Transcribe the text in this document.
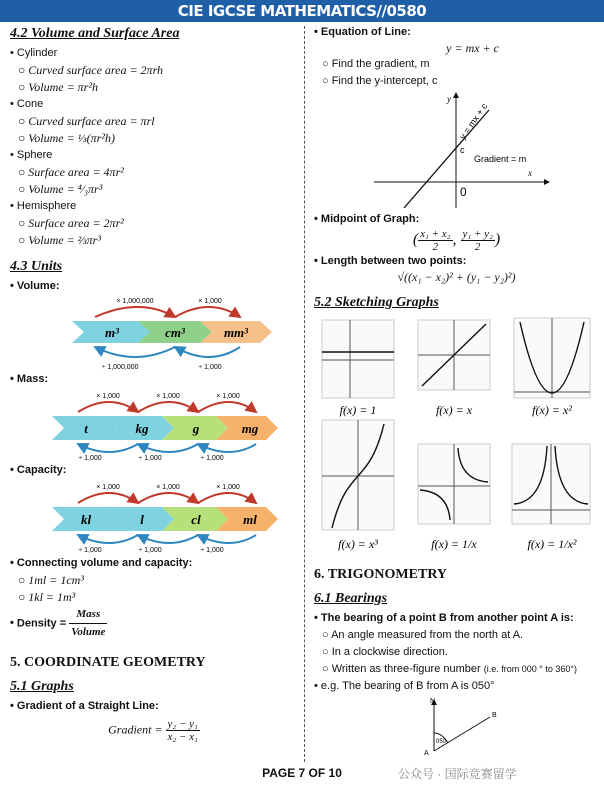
CIE IGCSE MATHEMATICS//0580
4.2 Volume and Surface Area
• Cylinder
○ Curved surface area = 2πrh
○ Volume = πr²h
• Cone
○ Curved surface area = πrl
○ Volume = ⅓(πr²h)
• Sphere
○ Surface area = 4πr²
○ Volume = ⁴⁄₃πr³
• Hemisphere
○ Surface area = 2πr²
○ Volume = ⅔πr³
4.3 Units
• Volume:
× 1,000,000	× 1,000
m³	cm³	mm³
÷ 1,000,000	÷ 1,000
• Mass:
× 1,000	× 1,000	× 1,000
t	kg	g	mg
÷ 1,000	÷ 1,000	÷ 1,000
• Capacity:
× 1,000	× 1,000	× 1,000
kl	l	cl	ml
÷ 1,000	÷ 1,000	÷ 1,000
• Connecting volume and capacity:
○ 1ml = 1cm³
○ 1kl = 1m³
• Density = $\frac{\text{Mass}}{\text{Volume}}$
5. COORDINATE GEOMETRY
5.1 Graphs
• Gradient of a Straight Line:
Gradient = $\frac{\text{y₂ − y₁}}{\text{x₂ − x₁}}$
• Equation of Line:
y = mx + c
○ Find the gradient, m
○ Find the y-intercept, c
y = mx + c
c
Gradient = m
x
y
0
• Midpoint of Graph:
( $\frac{\text{x₁ + x₂}}{2}$ , $\frac{\text{y₁ + y₂}}{2}$ )
• Length between two points:
√((x₁ − x₂)² + (y₁ − y₂)²)
5.2 Sketching Graphs
f(x) = 1	f(x) = x	f(x) = x²
f(x) = x³	f(x) = 1/x	f(x) = 1/x²
6. TRIGONOMETRY
6.1 Bearings
• The bearing of a point B from another point A is:
○ An angle measured from the north at A.
○ In a clockwise direction.
○ Written as three-figure number (i.e. from 000 ° to 360°)
• e.g. The bearing of B from A is 050°
N
A
B
050
PAGE 7 OF 10	公众号 · 国际竞赛留学
